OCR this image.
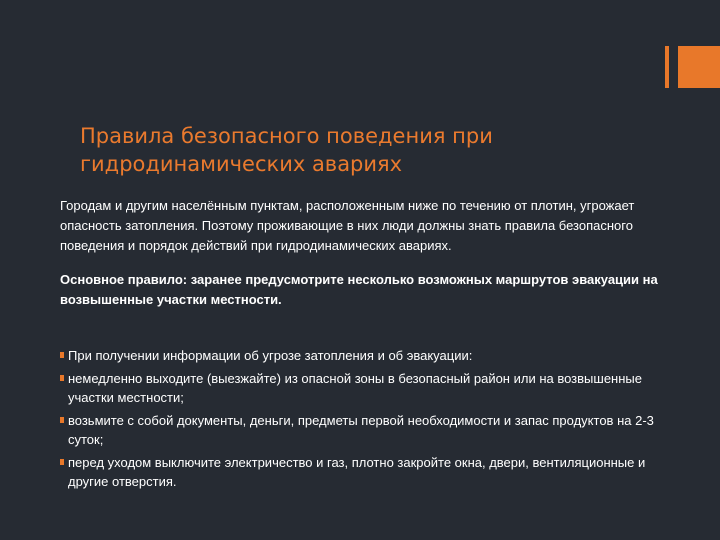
Правила безопасного поведения при
гидродинамических авариях

Городам и другим населённым пунктам, расположенным ниже по течению от плотин, угрожает опасность затопления. Поэтому проживающие в них люди должны знать правила безопасного поведения и порядок действий при гидродинамических авариях.

Основное правило: заранее предусмотрите несколько возможных маршрутов эвакуации на возвышенные участки местности.

При получении информации об угрозе затопления и об эвакуации:
немедленно выходите (выезжайте) из опасной зоны в безопасный район или на возвышенные участки местности;
возьмите с собой документы, деньги, предметы первой необходимости и запас продуктов на 2-3 суток;
перед уходом выключите электричество и газ, плотно закройте окна, двери, вентиляционные и другие отверстия.
